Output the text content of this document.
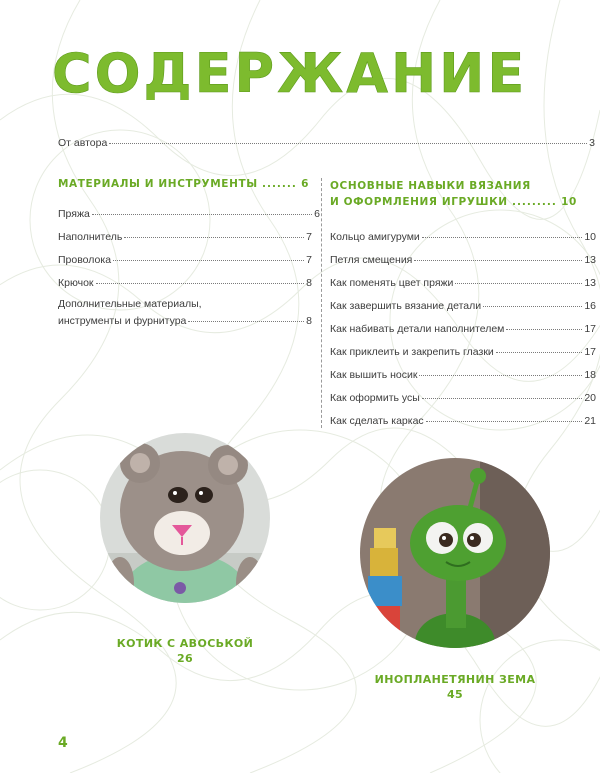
СОДЕРЖАНИЕ
От автора	3
МАТЕРИАЛЫ И ИНСТРУМЕНТЫ ....... 6
Пряжа	6
Наполнитель	7
Проволока	7
Крючок	8
Дополнительные материалы,
инструменты и фурнитура	8
ОСНОВНЫЕ НАВЫКИ ВЯЗАНИЯ
И ОФОРМЛЕНИЯ ИГРУШКИ ......... 10
Кольцо амигуруми	10
Петля смещения	13
Как поменять цвет пряжи	13
Как завершить вязание детали	16
Как набивать детали наполнителем	17
Как приклеить и закрепить глазки	17
Как вышить носик	18
Как оформить усы	20
Как сделать каркас	21
КОТИК С АВОСЬКОЙ
26
ИНОПЛАНЕТЯНИН ЗЕМА
45
4
